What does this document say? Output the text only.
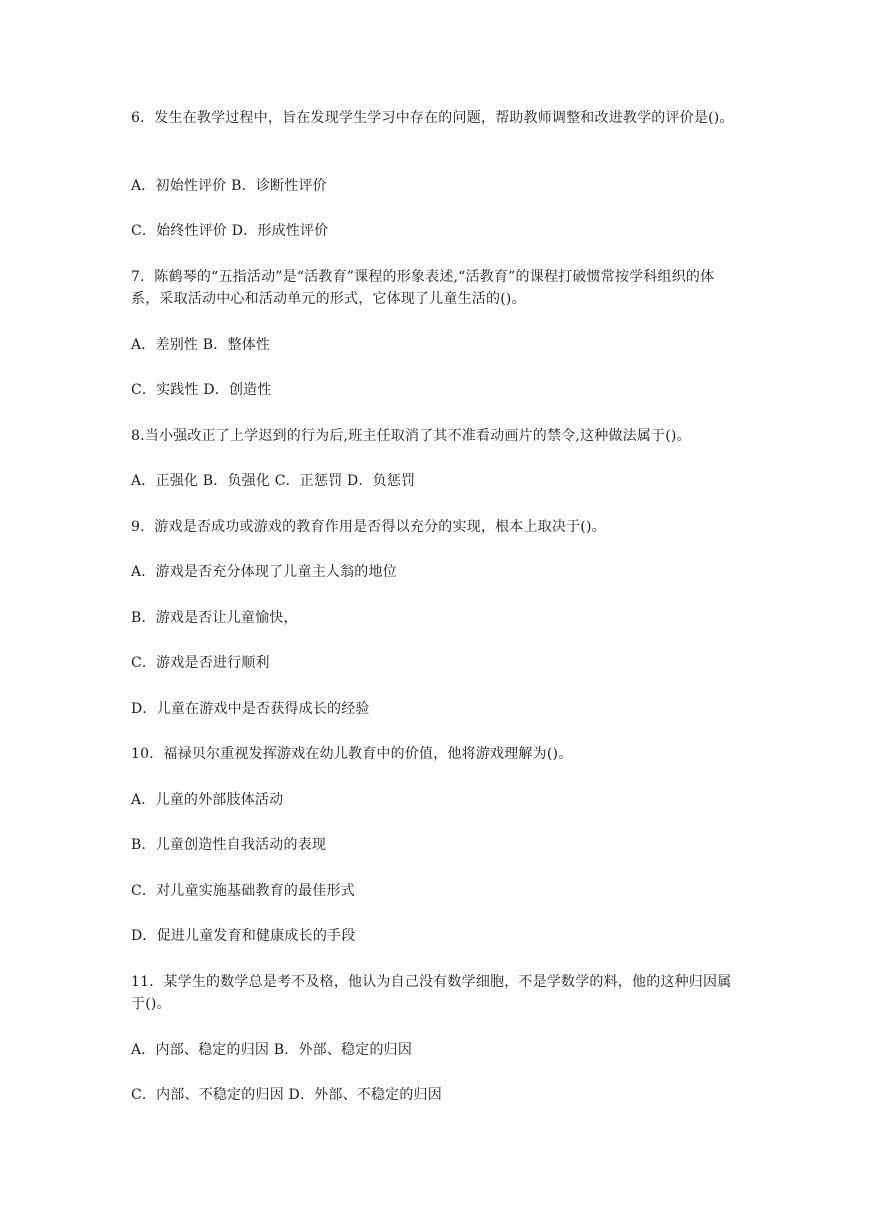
6．发生在教学过程中，旨在发现学生学习中存在的问题，帮助教师调整和改进教学的评价是()。
A．初始性评价 B．诊断性评价
C．始终性评价 D．形成性评价
7．陈鹤琴的“五指活动”是“活教育”课程的形象表述,“活教育”的课程打破惯常按学科组织的体系，采取活动中心和活动单元的形式，它体现了儿童生活的()。
A．差别性 B．整体性
C．实践性 D．创造性
8.当小强改正了上学迟到的行为后,班主任取消了其不准看动画片的禁令,这种做法属于()。
A．正强化 B．负强化 C．正惩罚 D．负惩罚
9．游戏是否成功或游戏的教育作用是否得以充分的实现，根本上取决于()。
A．游戏是否充分体现了儿童主人翁的地位
B．游戏是否让儿童愉快，
C．游戏是否进行顺利
D．儿童在游戏中是否获得成长的经验
10．福禄贝尔重视发挥游戏在幼儿教育中的价值，他将游戏理解为()。
A．儿童的外部肢体活动
B．儿童创造性自我活动的表现
C．对儿童实施基础教育的最佳形式
D．促进儿童发育和健康成长的手段
11．某学生的数学总是考不及格，他认为自己没有数学细胞，不是学数学的料，他的这种归因属于()。
A．内部、稳定的归因 B．外部、稳定的归因
C．内部、不稳定的归因 D．外部、不稳定的归因
